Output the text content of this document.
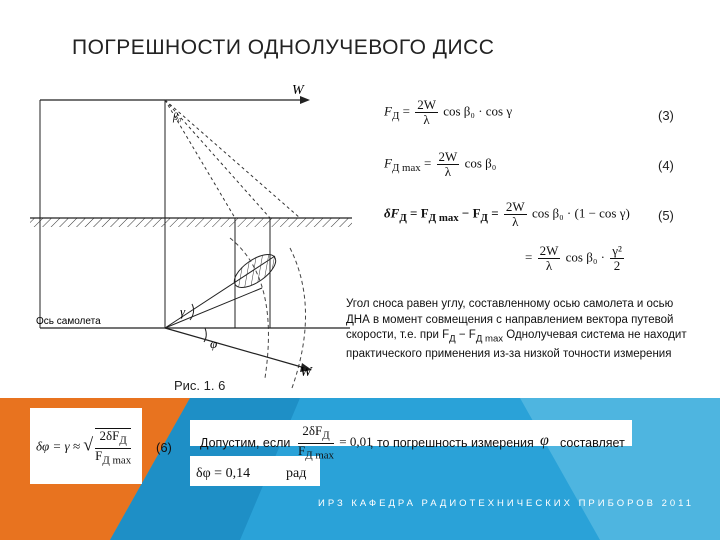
ПОГРЕШНОСТИ ОДНОЛУЧЕВОГО ДИСС
W
β₀
Ось самолета
W
γ
φ
Рис. 1. 6
$F_Д = \frac{2W}{\lambda}$ cos β₀ · cos γ	(3)
$F_{Д max} = \frac{2W}{\lambda}$ cos β₀	(4)
$\delta F_Д = F_{Д max} - F_Д = \frac{2W}{\lambda}$ cos β₀ · (1 − cos γ) (5)
= $\frac{2W}{\lambda}$ $\cos \beta_0 \cdot \frac{\text{γ²}}{2}$
Угол сноса равен углу, составленному осью самолета и осью ДНА в момент совмещения с направлением вектора путевой скорости, т.е. при $F_Д - F_{Д max}$ Однолучевая система не находит практического применения из-за низкой точности измерения
δφ = γ ≈ √ $\frac{2\delta F_Д}{F_{Д max}} (6)$ Допустим, если $\frac{2\delta F_Д}{F_{Д max}} = 0,01$
, то погрешность измерения φ составляет
δφ = 0,14	рад
ИРЗ КАФЕДРА РАДИОТЕХНИЧЕСКИХ ПРИБОРОВ 2011
